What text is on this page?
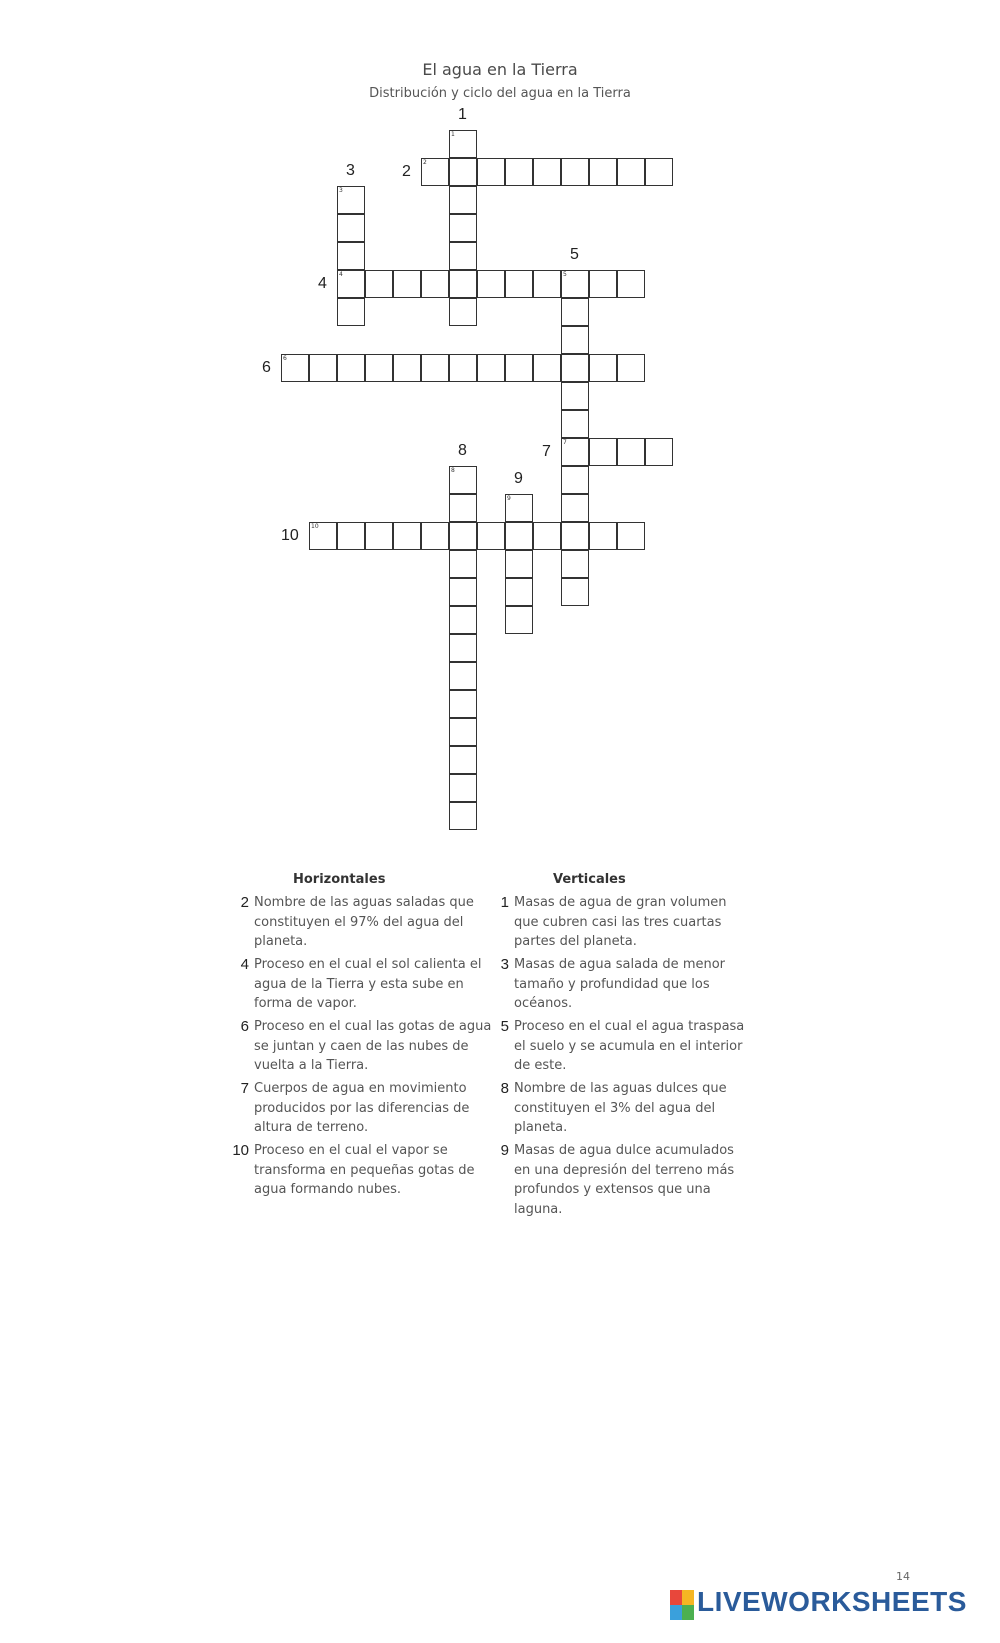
El agua en la Tierra
Distribución y ciclo del agua en la Tierra
1
2
3
4	5
7
6
8
9
10
1
2
3
4
5
6
7
8
9
10
Horizontales	Verticales
2 Nombre de las aguas saladas que constituyen el 97% del agua del planeta.
4 Proceso en el cual el sol calienta el agua de la Tierra y esta sube en forma de vapor.
6 Proceso en el cual las gotas de agua se juntan y caen de las nubes de vuelta a la Tierra.
7 Cuerpos de agua en movimiento producidos por las diferencias de altura de terreno.
10 Proceso en el cual el vapor se transforma en pequeñas gotas de agua formando nubes.
1 Masas de agua de gran volumen que cubren casi las tres cuartas partes del planeta.
3 Masas de agua salada de menor tamaño y profundidad que los océanos.
5 Proceso en el cual el agua traspasa el suelo y se acumula en el interior de este.
8 Nombre de las aguas dulces que constituyen el 3% del agua del planeta.
9 Masas de agua dulce acumulados en una depresión del terreno más profundos y extensos que una laguna.
LIVEWORKSHEETS
14
